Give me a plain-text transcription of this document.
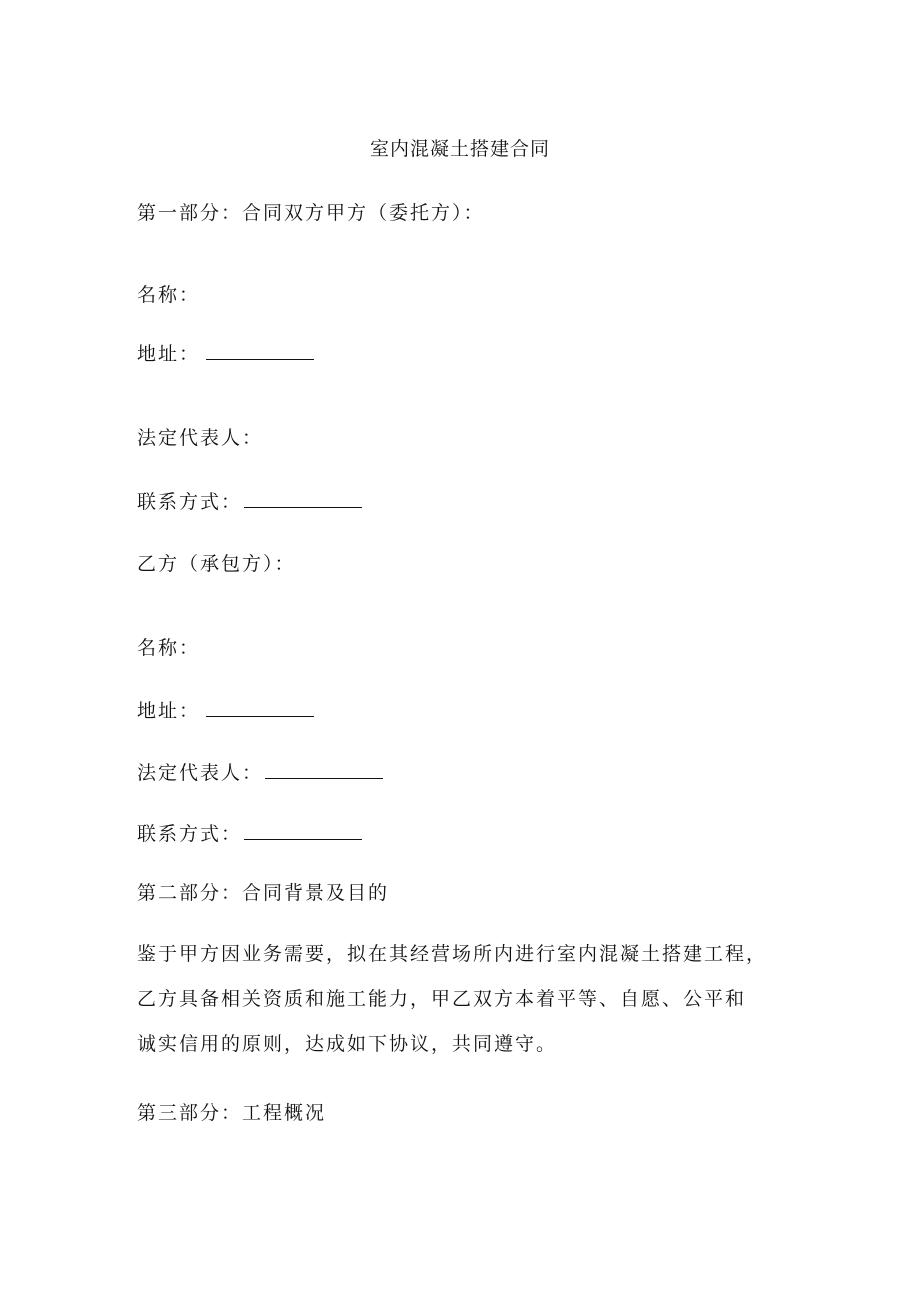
室内混凝土搭建合同
第一部分：合同双方甲方（委托方）：
名称：
地址：
法定代表人：
联系方式：
乙方（承包方）：
名称：
地址：
法定代表人：
联系方式：
第二部分：合同背景及目的
鉴于甲方因业务需要，拟在其经营场所内进行室内混凝土搭建工程，
乙方具备相关资质和施工能力，甲乙双方本着平等、自愿、公平和
诚实信用的原则，达成如下协议，共同遵守。
第三部分：工程概况
